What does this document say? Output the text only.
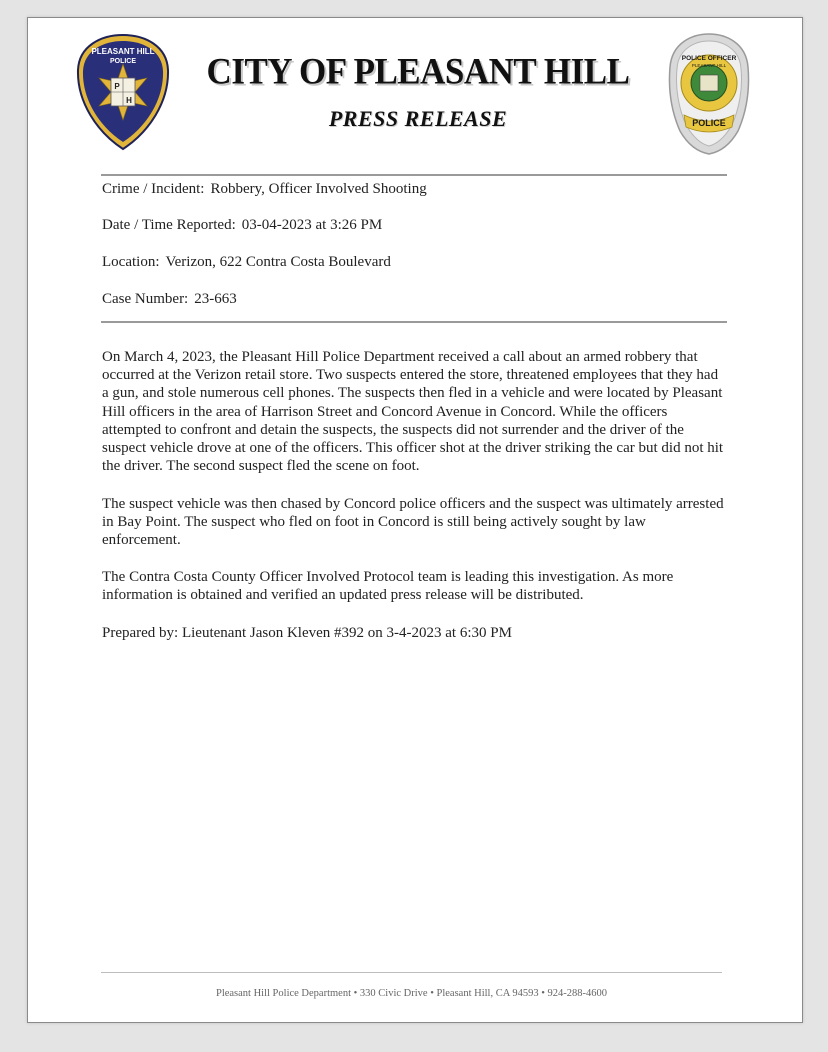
P
H
PLEASANT HILL
POLICE	CITY OF PLEASANT HILL
PRESS RELEASE
POLICE OFFICER
PLEASANT HILL
POLICE
Crime / Incident: Robbery, Officer Involved Shooting
Date / Time Reported: 03-04-2023 at 3:26 PM
Location: Verizon, 622 Contra Costa Boulevard
Case Number: 23-663
On March 4, 2023, the Pleasant Hill Police Department received a call about an armed robbery that occurred at the Verizon retail store. Two suspects entered the store, threatened employees that they had a gun, and stole numerous cell phones. The suspects then fled in a vehicle and were located by Pleasant Hill officers in the area of Harrison Street and Concord Avenue in Concord. While the officers attempted to confront and detain the suspects, the suspects did not surrender and the driver of the suspect vehicle drove at one of the officers. This officer shot at the driver striking the car but did not hit the driver. The second suspect fled the scene on foot.
The suspect vehicle was then chased by Concord police officers and the suspect was ultimately arrested in Bay Point. The suspect who fled on foot in Concord is still being actively sought by law enforcement.
The Contra Costa County Officer Involved Protocol team is leading this investigation. As more information is obtained and verified an updated press release will be distributed.
Prepared by: Lieutenant Jason Kleven #392 on 3-4-2023 at 6:30 PM
Pleasant Hill Police Department • 330 Civic Drive • Pleasant Hill, CA 94593 • 924-288-4600
